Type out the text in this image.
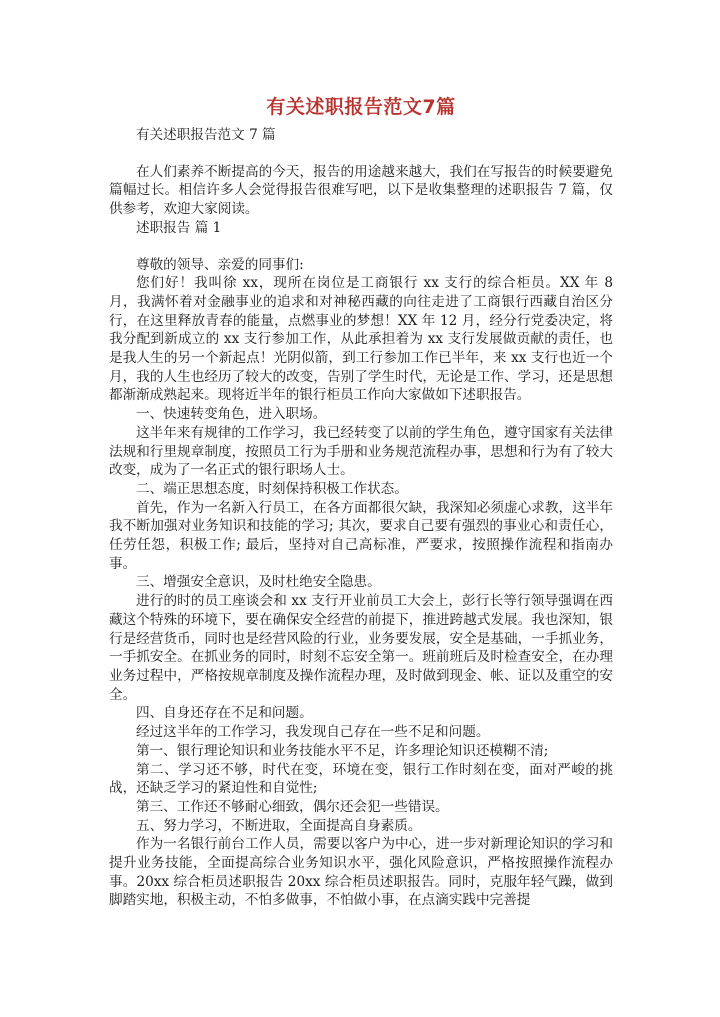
有关述职报告范文7篇

有关述职报告范文 7 篇

在人们素养不断提高的今天，报告的用途越来越大，我们在写报告的时候要避免篇幅过长。相信许多人会觉得报告很难写吧，以下是收集整理的述职报告 7 篇，仅供参考，欢迎大家阅读。

述职报告 篇 1

尊敬的领导、亲爱的同事们:

您们好！我叫徐 xx，现所在岗位是工商银行 xx 支行的综合柜员。XX 年 8 月，我满怀着对金融事业的追求和对神秘西藏的向往走进了工商银行西藏自治区分行，在这里释放青春的能量，点燃事业的梦想！XX 年 12 月，经分行党委决定，将我分配到新成立的 xx 支行参加工作，从此承担着为 xx 支行发展做贡献的责任，也是我人生的另一个新起点！光阴似箭，到工行参加工作已半年，来 xx 支行也近一个月，我的人生也经历了较大的改变，告别了学生时代，无论是工作、学习，还是思想都渐渐成熟起来。现将近半年的银行柜员工作向大家做如下述职报告。

一、快速转变角色，进入职场。

这半年来有规律的工作学习，我已经转变了以前的学生角色，遵守国家有关法律法规和行里规章制度，按照员工行为手册和业务规范流程办事，思想和行为有了较大改变，成为了一名正式的银行职场人士。

二、端正思想态度，时刻保持积极工作状态。

首先，作为一名新入行员工，在各方面都很欠缺，我深知必须虚心求教，这半年我不断加强对业务知识和技能的学习; 其次，要求自己要有强烈的事业心和责任心，任劳任怨，积极工作; 最后，坚持对自己高标准，严要求，按照操作流程和指南办事。

三、增强安全意识，及时杜绝安全隐患。

进行的时的员工座谈会和 xx 支行开业前员工大会上，彭行长等行领导强调在西藏这个特殊的环境下，要在确保安全经营的前提下，推进跨越式发展。我也深知，银行是经营货币，同时也是经营风险的行业，业务要发展，安全是基础，一手抓业务，一手抓安全。在抓业务的同时，时刻不忘安全第一。班前班后及时检查安全，在办理业务过程中，严格按规章制度及操作流程办理，及时做到现金、帐、证以及重空的安全。

四、自身还存在不足和问题。

经过这半年的工作学习，我发现自己存在一些不足和问题。

第一、银行理论知识和业务技能水平不足，许多理论知识还模糊不清;

第二、学习还不够，时代在变，环境在变，银行工作时刻在变，面对严峻的挑战，还缺乏学习的紧迫性和自觉性;

第三、工作还不够耐心细致，偶尔还会犯一些错误。

五、努力学习，不断进取，全面提高自身素质。

作为一名银行前台工作人员，需要以客户为中心，进一步对新理论知识的学习和提升业务技能，全面提高综合业务知识水平，强化风险意识，严格按照操作流程办事。20xx 综合柜员述职报告 20xx 综合柜员述职报告。同时，克服年轻气躁，做到脚踏实地，积极主动，不怕多做事，不怕做小事，在点滴实践中完善提
